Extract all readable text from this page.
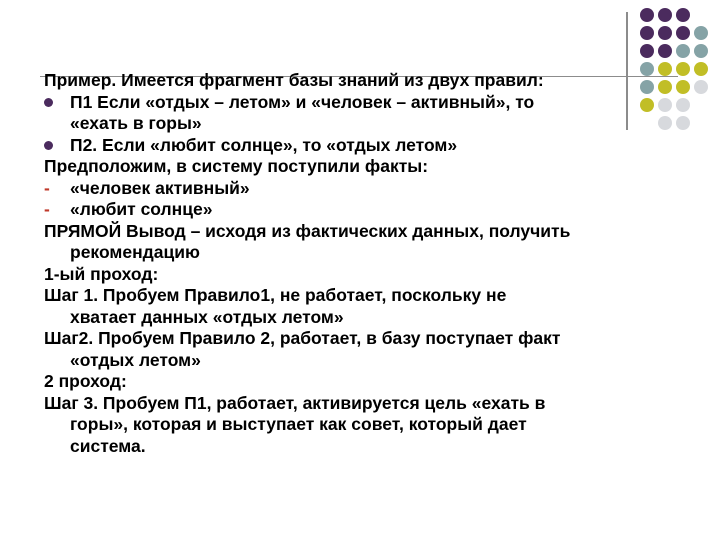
Пример. Имеется фрагмент базы знаний из двух правил:
П1 Если «отдых – летом» и «человек – активный», то
«ехать в горы»
П2. Если «любит солнце», то «отдых летом»
Предположим, в систему поступили факты:
- «человек активный»
- «любит солнце»
ПРЯМОЙ Вывод – исходя из фактических данных, получить
рекомендацию
1-ый проход:
Шаг 1. Пробуем Правило1, не работает, поскольку не
хватает данных «отдых летом»
Шаг2. Пробуем Правило 2, работает, в базу поступает факт
«отдых летом»
2 проход:
Шаг 3. Пробуем П1, работает, активируется цель «ехать в
горы», которая и выступает как совет, который дает
система.
